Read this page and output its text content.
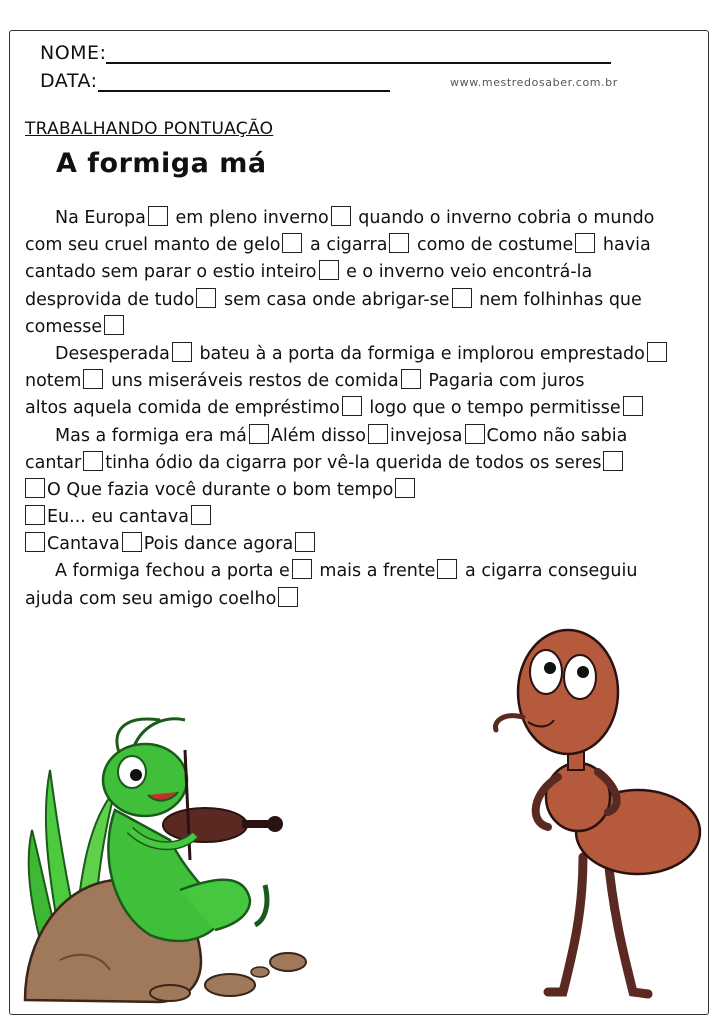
NOME:
DATA:	www.mestredosaber.com.br
TRABALHANDO PONTUAÇÃO
A formiga má
Na Europa em pleno inverno quando o inverno cobria o mundo
com seu cruel manto de gelo a cigarra como de costume havia
cantado sem parar o estio inteiro e o inverno veio encontrá-la
desprovida de tudo sem casa onde abrigar-se nem folhinhas que
comesse
Desesperada bateu à a porta da formiga e implorou emprestado
notem uns miseráveis restos de comida Pagaria com juros
altos aquela comida de empréstimo logo que o tempo permitisse
Mas a formiga era má Além disso invejosa Como não sabia
cantar tinha ódio da cigarra por vê-la querida de todos os seres
O Que fazia você durante o bom tempo
Eu... eu cantava
Cantava Pois dance agora
A formiga fechou a porta e mais a frente a cigarra conseguiu
ajuda com seu amigo coelho
